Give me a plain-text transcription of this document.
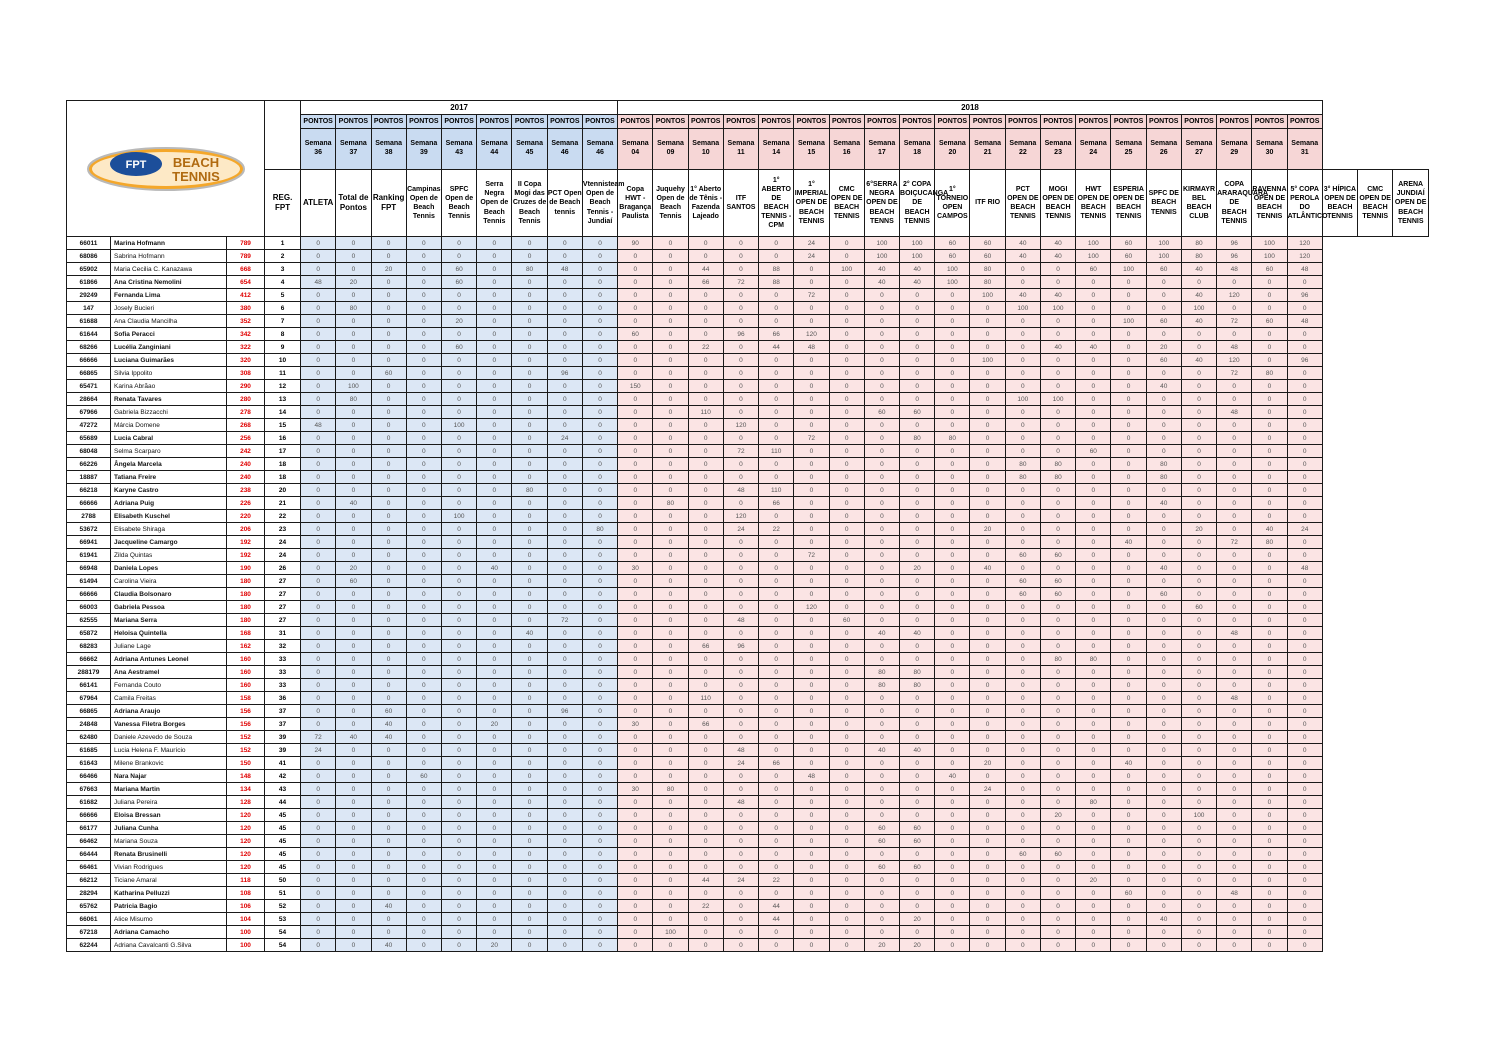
FPT BEACH
TENNIS				2017									2018																						
				PONTOS	PONTOS	PONTOS	PONTOS	PONTOS	PONTOS	PONTOS	PONTOS	PONTOS	PONTOS	PONTOS	PONTOS	PONTOS	PONTOS	PONTOS	PONTOS	PONTOS	PONTOS	PONTOS	PONTOS	PONTOS	PONTOS	PONTOS	PONTOS	PONTOS	PONTOS	PONTOS	PONTOS	PONTOS			
				Semana 36	Semana 37	Semana 38	Semana 39	Semana 43	Semana 44	Semana 45	Semana 46	Semana 46	Semana 04	Semana 09	Semana 10	Semana 11	Semana 14	Semana 15	Semana 16	Semana 17	Semana 18	Semana 20	Semana 21	Semana 22	Semana 23	Semana 24	Semana 25	Semana 26	Semana 27	Semana 29	Semana 30	Semana 31			
			REG. FPT	ATLETA	Total de Pontos	Ranking FPT	Campinas Open de Beach Tennis	SPFC Open de Beach Tennis	Serra Negra Open de Beach Tennis	II Copa Mogi das Cruzes de Beach Tennis	PCT Open de Beach tennis	Vtennisteam Open de Beach Tennis - Jundiaí	Copa HWT - Bragança Paulista	Juquehy Open de Beach Tennis	1° Aberto de Tênis - Fazenda Lajeado	ITF SANTOS	1° ABERTO DE BEACH TENNIS - CPM	1° IMPERIAL OPEN DE BEACH TENNIS	CMC OPEN DE BEACH TENNIS	6°SERRA NEGRA OPEN DE BEACH TENNS	2° COPA BOIÇUCANGA DE BEACH TENNIS	1° TORNEIO OPEN CAMPOS	ITF RIO	PCT OPEN DE BEACH TENNIS	MOGI OPEN DE BEACH TENNIS	HWT OPEN DE BEACH TENNIS	ESPERIA OPEN DE BEACH TENNIS	SPFC DE BEACH TENNIS	KIRMAYR BEL BEACH CLUB	COPA ARARAQUARA DE BEACH TENNIS	RAVENNA OPEN DE BEACH TENNIS	5° COPA PEROLA DO ATLÂNTICO	3° HÍPICA OPEN DE BEACH TENNIS	CMC OPEN DE BEACH TENNIS	ARENA JUNDIAÍ OPEN DE BEACH TENNIS
66011	Marina Hofmann	789	1	0	0	0	0	0	0	0	0	0	90	0	0	0	0	24	0	100	100	60	60	40	40	100	60	100	80	96	100	120			
68086	Sabrina Hofmann	789	2	0	0	0	0	0	0	0	0	0	0	0	0	0	0	24	0	100	100	60	60	40	40	100	60	100	80	96	100	120			
65902	Maria Cecilia C. Kanazawa	668	3	0	0	20	0	60	0	80	48	0	0	0	44	0	88	0	100	40	40	100	80	0	0	60	100	60	40	48	60	48			
61866	Ana Cristina Nemolini	654	4	48	20	0	0	60	0	0	0	0	0	0	66	72	88	0	0	40	40	100	80	0	0	0	0	0	0	0	0	0			
29249	Fernanda Lima	412	5	0	0	0	0	0	0	0	0	0	0	0	0	0	0	72	0	0	0	0	100	40	40	0	0	0	40	120	0	96			
147	Josely Bucieri	380	6	0	80	0	0	0	0	0	0	0	0	0	0	0	0	0	0	0	0	0	0	100	100	0	0	0	100	0	0	0			
61688	Ana Claudia Mancilha	352	7	0	0	0	0	20	0	0	0	0	0	0	0	0	0	0	0	0	0	0	0	0	0	0	100	60	40	72	60	48			
61644	Sofia Peracci	342	8	0	0	0	0	0	0	0	0	0	60	0	0	96	66	120	0	0	0	0	0	0	0	0	0	0	0	0	0	0			
68266	Lucélia Zanginiani	322	9	0	0	0	0	60	0	0	0	0	0	0	22	0	44	48	0	0	0	0	0	0	40	40	0	20	0	48	0	0			
66666	Luciana Guimarães	320	10	0	0	0	0	0	0	0	0	0	0	0	0	0	0	0	0	0	0	0	100	0	0	0	0	60	40	120	0	96			
66865	Silvia Ippolito	308	11	0	0	60	0	0	0	0	96	0	0	0	0	0	0	0	0	0	0	0	0	0	0	0	0	0	0	72	80	0			
65471	Karina Abrãao	290	12	0	100	0	0	0	0	0	0	0	150	0	0	0	0	0	0	0	0	0	0	0	0	0	0	40	0	0	0	0			
28664	Renata Tavares	280	13	0	80	0	0	0	0	0	0	0	0	0	0	0	0	0	0	0	0	0	0	100	100	0	0	0	0	0	0	0			
67966	Gabriela Bizzacchi	278	14	0	0	0	0	0	0	0	0	0	0	0	110	0	0	0	0	60	60	0	0	0	0	0	0	0	0	48	0	0			
47272	Márcia Domene	268	15	48	0	0	0	100	0	0	0	0	0	0	0	120	0	0	0	0	0	0	0	0	0	0	0	0	0	0	0	0			
65689	Lucia Cabral	256	16	0	0	0	0	0	0	0	24	0	0	0	0	0	0	72	0	0	80	80	0	0	0	0	0	0	0	0	0	0			
68048	Selma Scarparo	242	17	0	0	0	0	0	0	0	0	0	0	0	0	72	110	0	0	0	0	0	0	0	0	60	0	0	0	0	0	0			
66226	Ângela Marcela	240	18	0	0	0	0	0	0	0	0	0	0	0	0	0	0	0	0	0	0	0	0	80	80	0	0	80	0	0	0	0			
18887	Tatiana Freire	240	18	0	0	0	0	0	0	0	0	0	0	0	0	0	0	0	0	0	0	0	0	80	80	0	0	80	0	0	0	0			
66218	Karyne Castro	238	20	0	0	0	0	0	0	80	0	0	0	0	0	48	110	0	0	0	0	0	0	0	0	0	0	0	0	0	0	0			
66666	Adriana Puig	226	21	0	40	0	0	0	0	0	0	0	0	80	0	0	66	0	0	0	0	0	0	0	0	0	0	40	0	0	0	0			
2788	Elisabeth Kuschel	220	22	0	0	0	0	100	0	0	0	0	0	0	0	120	0	0	0	0	0	0	0	0	0	0	0	0	0	0	0	0			
53672	Elisabete Shiraga	206	23	0	0	0	0	0	0	0	0	80	0	0	0	24	22	0	0	0	0	0	20	0	0	0	0	0	20	0	40	24			
66941	Jacqueline Camargo	192	24	0	0	0	0	0	0	0	0	0	0	0	0	0	0	0	0	0	0	0	0	0	0	0	40	0	0	72	80	0			
61941	Zilda Quintas	192	24	0	0	0	0	0	0	0	0	0	0	0	0	0	0	72	0	0	0	0	0	60	60	0	0	0	0	0	0	0			
66948	Daniela Lopes	190	26	0	20	0	0	0	40	0	0	0	30	0	0	0	0	0	0	0	20	0	40	0	0	0	0	40	0	0	0	48			
61494	Carolina Vieira	180	27	0	60	0	0	0	0	0	0	0	0	0	0	0	0	0	0	0	0	0	0	60	60	0	0	0	0	0	0	0			
66666	Claudia Bolsonaro	180	27	0	0	0	0	0	0	0	0	0	0	0	0	0	0	0	0	0	0	0	0	60	60	0	0	60	0	0	0	0			
66003	Gabriela Pessoa	180	27	0	0	0	0	0	0	0	0	0	0	0	0	0	0	120	0	0	0	0	0	0	0	0	0	0	60	0	0	0			
62555	Mariana Serra	180	27	0	0	0	0	0	0	0	72	0	0	0	0	48	0	0	60	0	0	0	0	0	0	0	0	0	0	0	0	0			
65872	Heloisa Quintella	168	31	0	0	0	0	0	0	40	0	0	0	0	0	0	0	0	0	40	40	0	0	0	0	0	0	0	0	48	0	0			
68283	Juliane Lage	162	32	0	0	0	0	0	0	0	0	0	0	0	66	96	0	0	0	0	0	0	0	0	0	0	0	0	0	0	0	0			
66662	Adriana Antunes Leonel	160	33	0	0	0	0	0	0	0	0	0	0	0	0	0	0	0	0	0	0	0	0	0	80	80	0	0	0	0	0	0			
288179	Ana Aestramel	160	33	0	0	0	0	0	0	0	0	0	0	0	0	0	0	0	0	80	80	0	0	0	0	0	0	0	0	0	0	0			
66141	Fernanda Couto	160	33	0	0	0	0	0	0	0	0	0	0	0	0	0	0	0	0	80	80	0	0	0	0	0	0	0	0	0	0	0			
67964	Camila Freitas	158	36	0	0	0	0	0	0	0	0	0	0	0	110	0	0	0	0	0	0	0	0	0	0	0	0	0	0	48	0	0			
66865	Adriana Araujo	156	37	0	0	60	0	0	0	0	96	0	0	0	0	0	0	0	0	0	0	0	0	0	0	0	0	0	0	0	0	0			
24848	Vanessa Filetra Borges	156	37	0	0	40	0	0	20	0	0	0	30	0	66	0	0	0	0	0	0	0	0	0	0	0	0	0	0	0	0	0			
62480	Daniele Azevedo de Souza	152	39	72	40	40	0	0	0	0	0	0	0	0	0	0	0	0	0	0	0	0	0	0	0	0	0	0	0	0	0	0			
61685	Lucia Helena F. Maurício	152	39	24	0	0	0	0	0	0	0	0	0	0	0	48	0	0	0	40	40	0	0	0	0	0	0	0	0	0	0	0			
61643	Milene Brankovic	150	41	0	0	0	0	0	0	0	0	0	0	0	0	24	66	0	0	0	0	0	20	0	0	0	40	0	0	0	0	0			
66466	Nara Najar	148	42	0	0	0	60	0	0	0	0	0	0	0	0	0	0	48	0	0	0	40	0	0	0	0	0	0	0	0	0	0			
67663	Mariana Martin	134	43	0	0	0	0	0	0	0	0	0	30	80	0	0	0	0	0	0	0	0	24	0	0	0	0	0	0	0	0	0			
61682	Juliana Pereira	128	44	0	0	0	0	0	0	0	0	0	0	0	0	48	0	0	0	0	0	0	0	0	0	80	0	0	0	0	0	0			
66666	Eloisa Bressan	120	45	0	0	0	0	0	0	0	0	0	0	0	0	0	0	0	0	0	0	0	0	0	20	0	0	0	100	0	0	0			
66177	Juliana Cunha	120	45	0	0	0	0	0	0	0	0	0	0	0	0	0	0	0	0	60	60	0	0	0	0	0	0	0	0	0	0	0			
66462	Mariana Souza	120	45	0	0	0	0	0	0	0	0	0	0	0	0	0	0	0	0	60	60	0	0	0	0	0	0	0	0	0	0	0			
66444	Renata Brusinelli	120	45	0	0	0	0	0	0	0	0	0	0	0	0	0	0	0	0	0	0	0	0	60	60	0	0	0	0	0	0	0			
66461	Vivian Rodrigues	120	45	0	0	0	0	0	0	0	0	0	0	0	0	0	0	0	0	60	60	0	0	0	0	0	0	0	0	0	0	0			
66212	Ticiane Amaral	118	50	0	0	0	0	0	0	0	0	0	0	0	44	24	22	0	0	0	0	0	0	0	0	20	0	0	0	0	0	0			
28294	Katharina Pelluzzi	108	51	0	0	0	0	0	0	0	0	0	0	0	0	0	0	0	0	0	0	0	0	0	0	0	60	0	0	48	0	0			
65762	Patricia Bagio	106	52	0	0	40	0	0	0	0	0	0	0	0	22	0	44	0	0	0	0	0	0	0	0	0	0	0	0	0	0	0			
66061	Alice Misumo	104	53	0	0	0	0	0	0	0	0	0	0	0	0	0	44	0	0	0	20	0	0	0	0	0	0	40	0	0	0	0			
67218	Adriana Camacho	100	54	0	0	0	0	0	0	0	0	0	0	100	0	0	0	0	0	0	0	0	0	0	0	0	0	0	0	0	0	0			
62244	Adriana Cavalcanti G.Silva	100	54	0	0	40	0	0	20	0	0	0	0	0	0	0	0	0	0	20	20	0	0	0	0	0	0	0	0	0	0	0			
